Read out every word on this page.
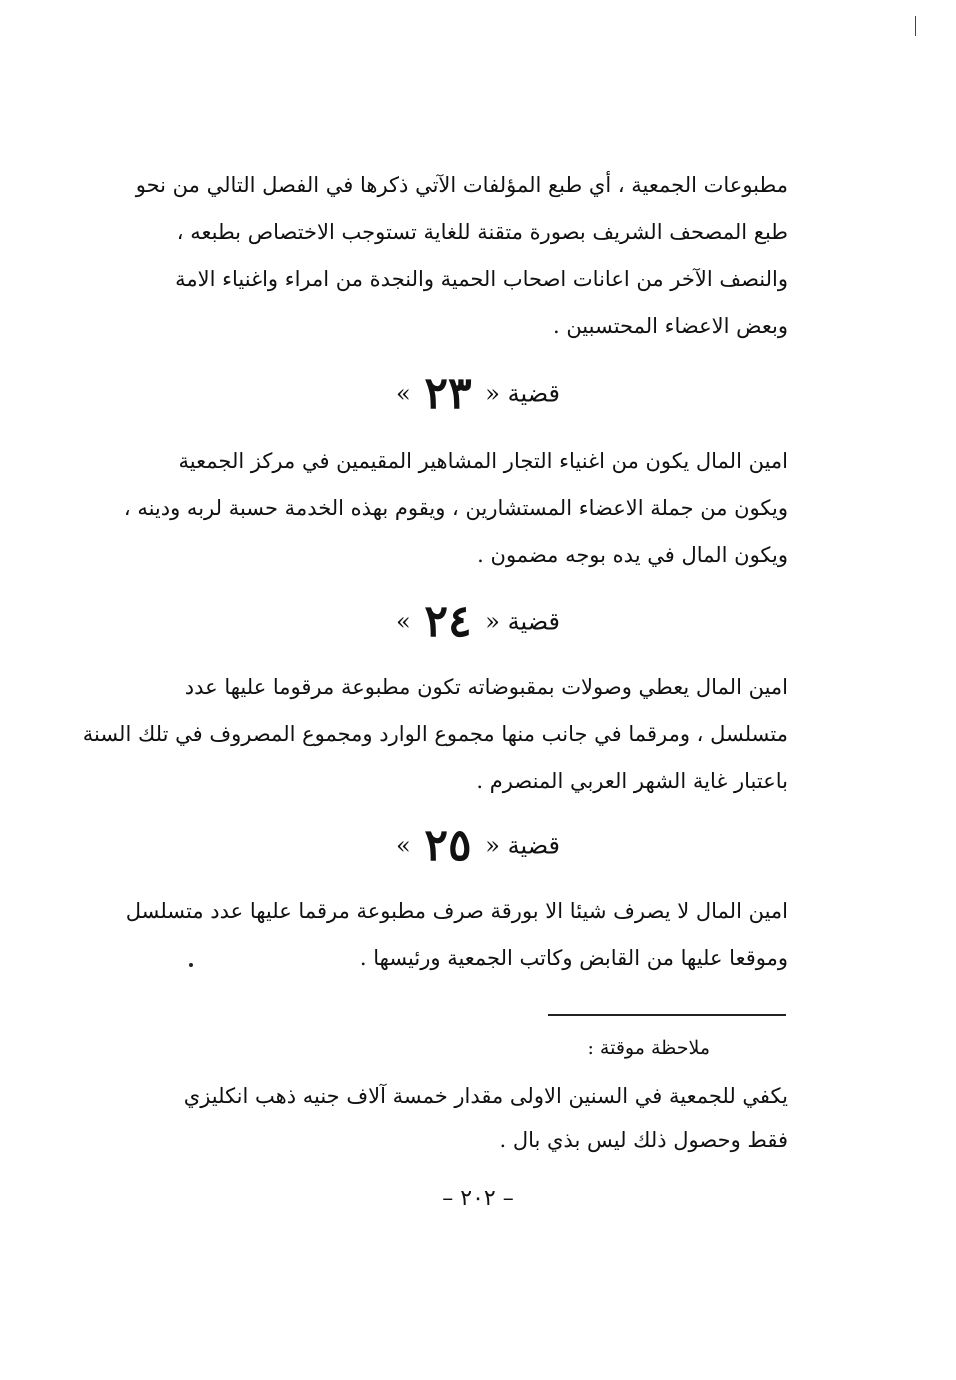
مطبوعات الجمعية ، أي طبع المؤلفات الآتي ذكرها في الفصل التالي من نحو
طبع المصحف الشريف بصورة متقنة للغاية تستوجب الاختصاص بطبعه ،
والنصف الآخر من اعانات اصحاب الحمية والنجدة من امراء واغنياء الامة
وبعض الاعضاء المحتسبين .
قضية « ٢٣ »
امين المال يكون من اغنياء التجار المشاهير المقيمين في مركز الجمعية
ويكون من جملة الاعضاء المستشارين ، ويقوم بهذه الخدمة حسبة لربه ودينه ،
ويكون المال في يده بوجه مضمون .
قضية « ٢٤ »
امين المال يعطي وصولات بمقبوضاته تكون مطبوعة مرقوما عليها عدد
متسلسل ، ومرقما في جانب منها مجموع الوارد ومجموع المصروف في تلك السنة
باعتبار غاية الشهر العربي المنصرم .
قضية « ٢٥ »
امين المال لا يصرف شيئا الا بورقة صرف مطبوعة مرقما عليها عدد متسلسل
وموقعا عليها من القابض وكاتب الجمعية ورئيسها .
ملاحظة موقتة :
يكفي للجمعية في السنين الاولى مقدار خمسة آلاف جنيه ذهب انكليزي
فقط وحصول ذلك ليس بذي بال .
– ٢٠٢ –
